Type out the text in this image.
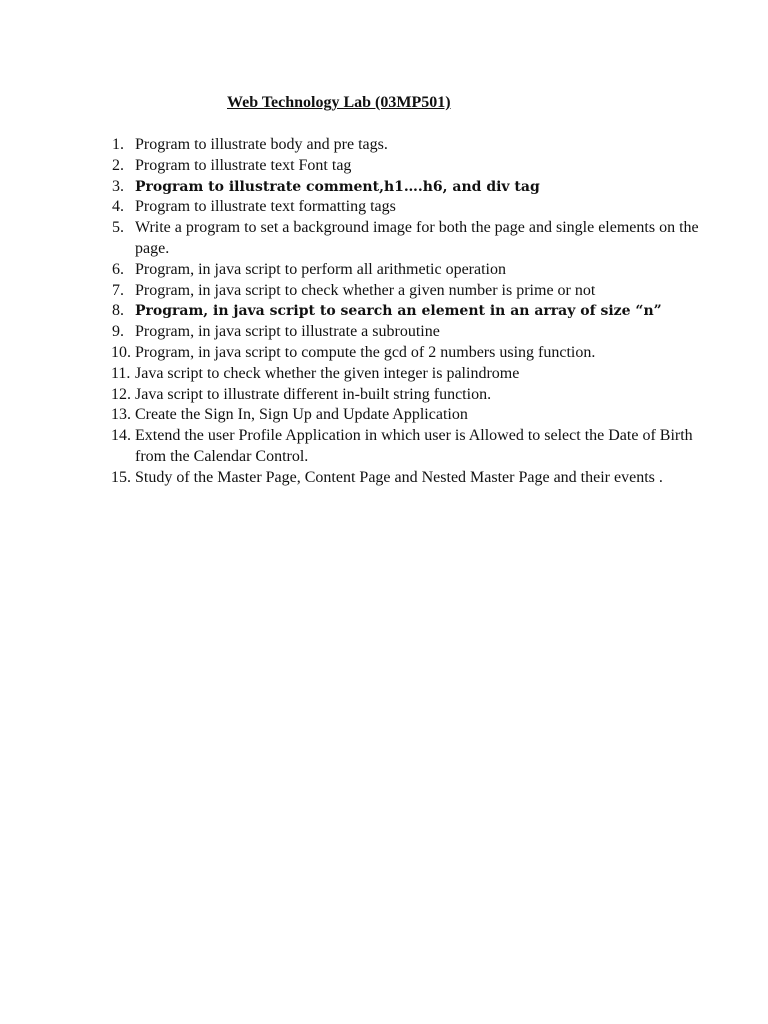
Web Technology Lab (03MP501)
1. Program to illustrate body and pre tags.
2. Program to illustrate text Font tag
3. Program to illustrate comment,h1….h6, and div tag
4. Program to illustrate text formatting tags
5. Write a program to set a background image for both the page and single elements on the page.
6. Program, in java script to perform all arithmetic operation
7. Program, in java script to check whether a given number is prime or not
8. Program, in java script to search an element in an array of size “n”
9. Program, in java script to illustrate a subroutine
10. Program, in java script to compute the gcd of 2 numbers using function.
11. Java script to check whether the given integer is palindrome
12. Java script to illustrate different in-built string function.
13. Create the Sign In, Sign Up and Update Application
14. Extend the user Profile Application in which user is Allowed to select the Date of Birth from the Calendar Control.
15. Study of the Master Page, Content Page and Nested Master Page and their events .
